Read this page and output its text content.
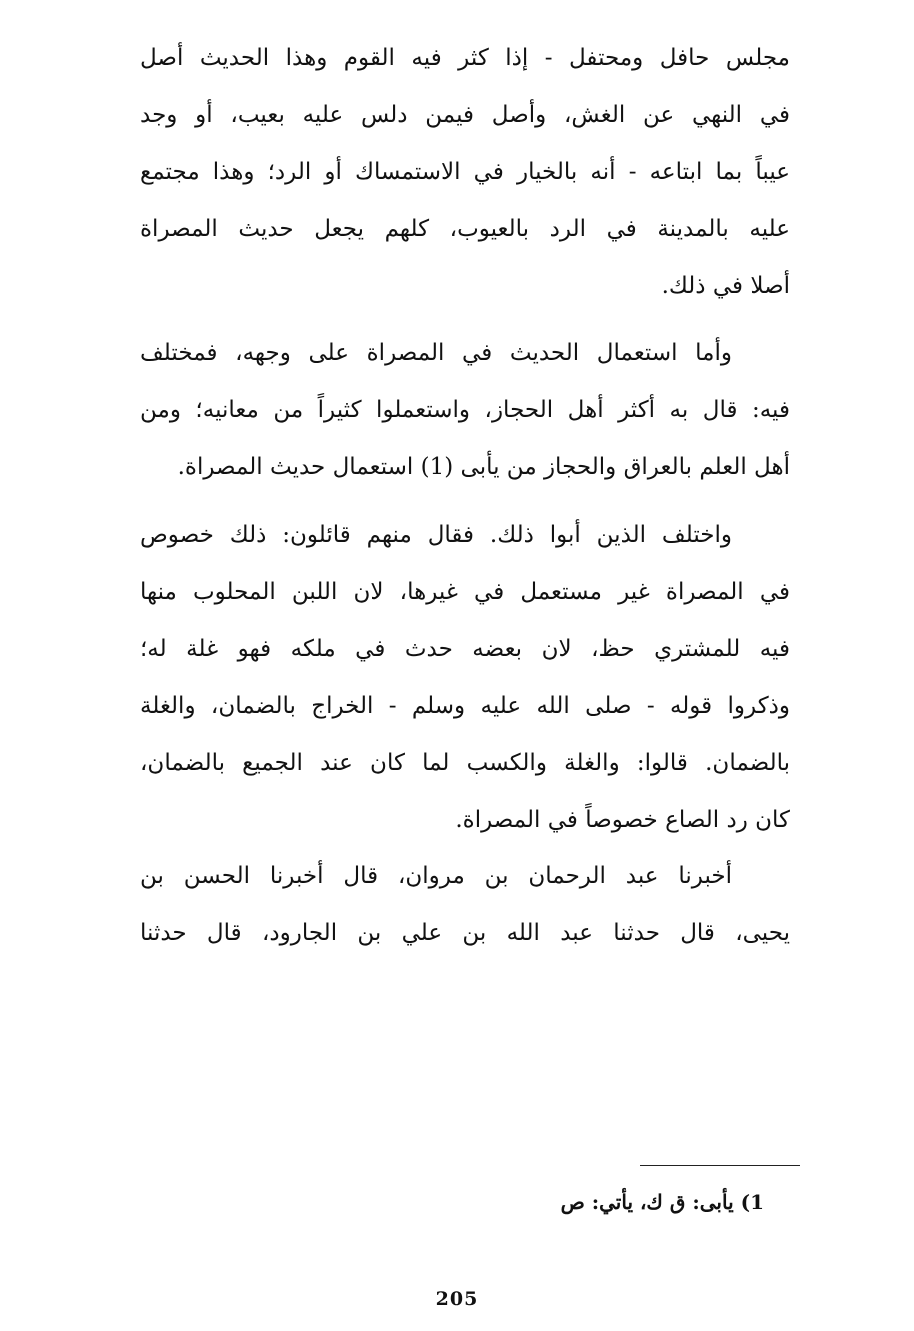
مجلس حافل ومحتفل - إذا كثر فيه القوم وهذا الحديث أصل
في النهي عن الغش، وأصل فيمن دلس عليه بعيب، أو وجد
عيباً بما ابتاعه - أنه بالخيار في الاستمساك أو الرد؛ وهذا مجتمع
عليه بالمدينة في الرد بالعيوب، كلهم يجعل حديث المصراة
أصلا في ذلك.
وأما استعمال الحديث في المصراة على وجهه، فمختلف
فيه: قال به أكثر أهل الحجاز، واستعملوا كثيراً من معانيه؛ ومن
أهل العلم بالعراق والحجاز من يأبى (1) استعمال حديث المصراة.
واختلف الذين أبوا ذلك. فقال منهم قائلون: ذلك خصوص
في المصراة غير مستعمل في غيرها، لان اللبن المحلوب منها
فيه للمشتري حظ، لان بعضه حدث في ملكه فهو غلة له؛
وذكروا قوله - صلى الله عليه وسلم - الخراج بالضمان، والغلة
بالضمان. قالوا: والغلة والكسب لما كان عند الجميع بالضمان،
كان رد الصاع خصوصاً في المصراة.
أخبرنا عبد الرحمان بن مروان، قال أخبرنا الحسن بن
يحيى، قال حدثنا عبد الله بن علي بن الجارود، قال حدثنا
1) يأبى: ق ك، يأتي: ص
205
